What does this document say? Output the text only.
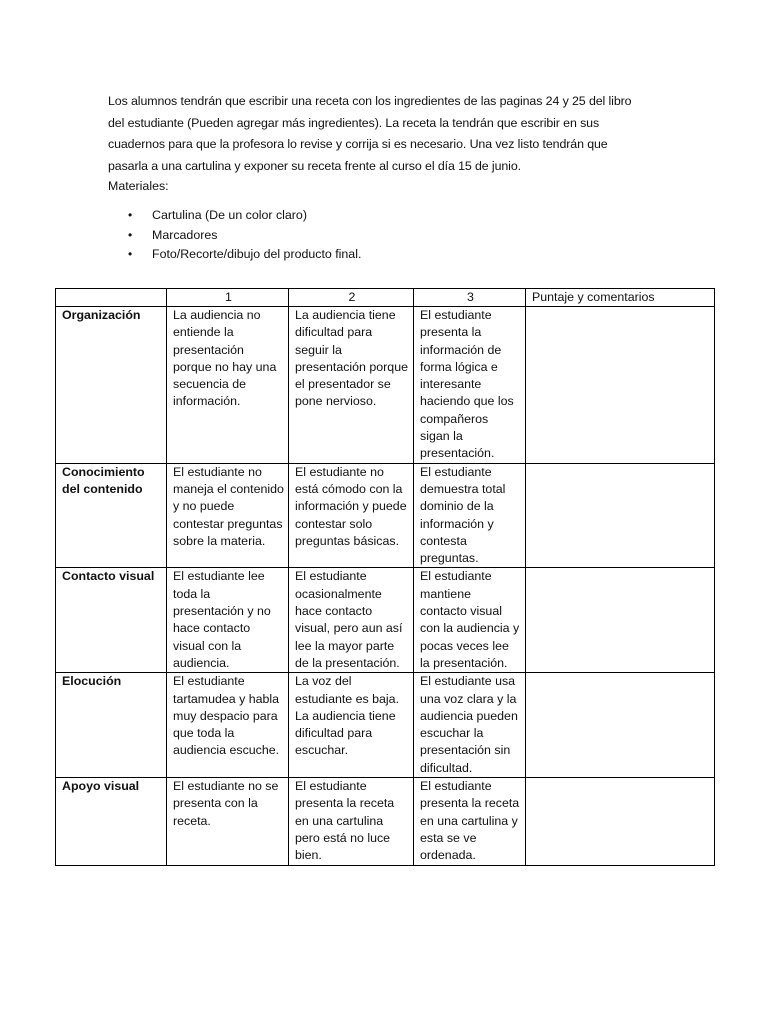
Los alumnos tendrán que escribir una receta con los ingredientes de las paginas 24 y 25 del libro del estudiante (Pueden agregar más ingredientes). La receta la tendrán que escribir en sus cuadernos para que la profesora lo revise y corrija si es necesario. Una vez listo tendrán que pasarla a una cartulina y exponer su receta frente al curso el día 15 de junio.

Materiales:

• Cartulina (De un color claro)
• Marcadores
• Foto/Recorte/dibujo del producto final.
	1	2	3	Puntaje y comentarios
Organización	La audiencia no entiende la presentación porque no hay una secuencia de información.	La audiencia tiene dificultad para seguir la presentación porque el presentador se pone nervioso.	El estudiante presenta la información de forma lógica e interesante haciendo que los compañeros sigan la presentación.	
Conocimiento del contenido	El estudiante no maneja el contenido y no puede contestar preguntas sobre la materia.	El estudiante no está cómodo con la información y puede contestar solo preguntas básicas.	El estudiante demuestra total dominio de la información y contesta preguntas.	
Contacto visual	El estudiante lee toda la presentación y no hace contacto visual con la audiencia.	El estudiante ocasionalmente hace contacto visual, pero aun así lee la mayor parte de la presentación.	El estudiante mantiene contacto visual con la audiencia y pocas veces lee la presentación.	
Elocución	El estudiante tartamudea y habla muy despacio para que toda la audiencia escuche.	La voz del estudiante es baja. La audiencia tiene dificultad para escuchar.	El estudiante usa una voz clara y la audiencia pueden escuchar la presentación sin dificultad.	
Apoyo visual	El estudiante no se presenta con la receta.	El estudiante presenta la receta en una cartulina pero está no luce bien.	El estudiante presenta la receta en una cartulina y esta se ve ordenada.	
